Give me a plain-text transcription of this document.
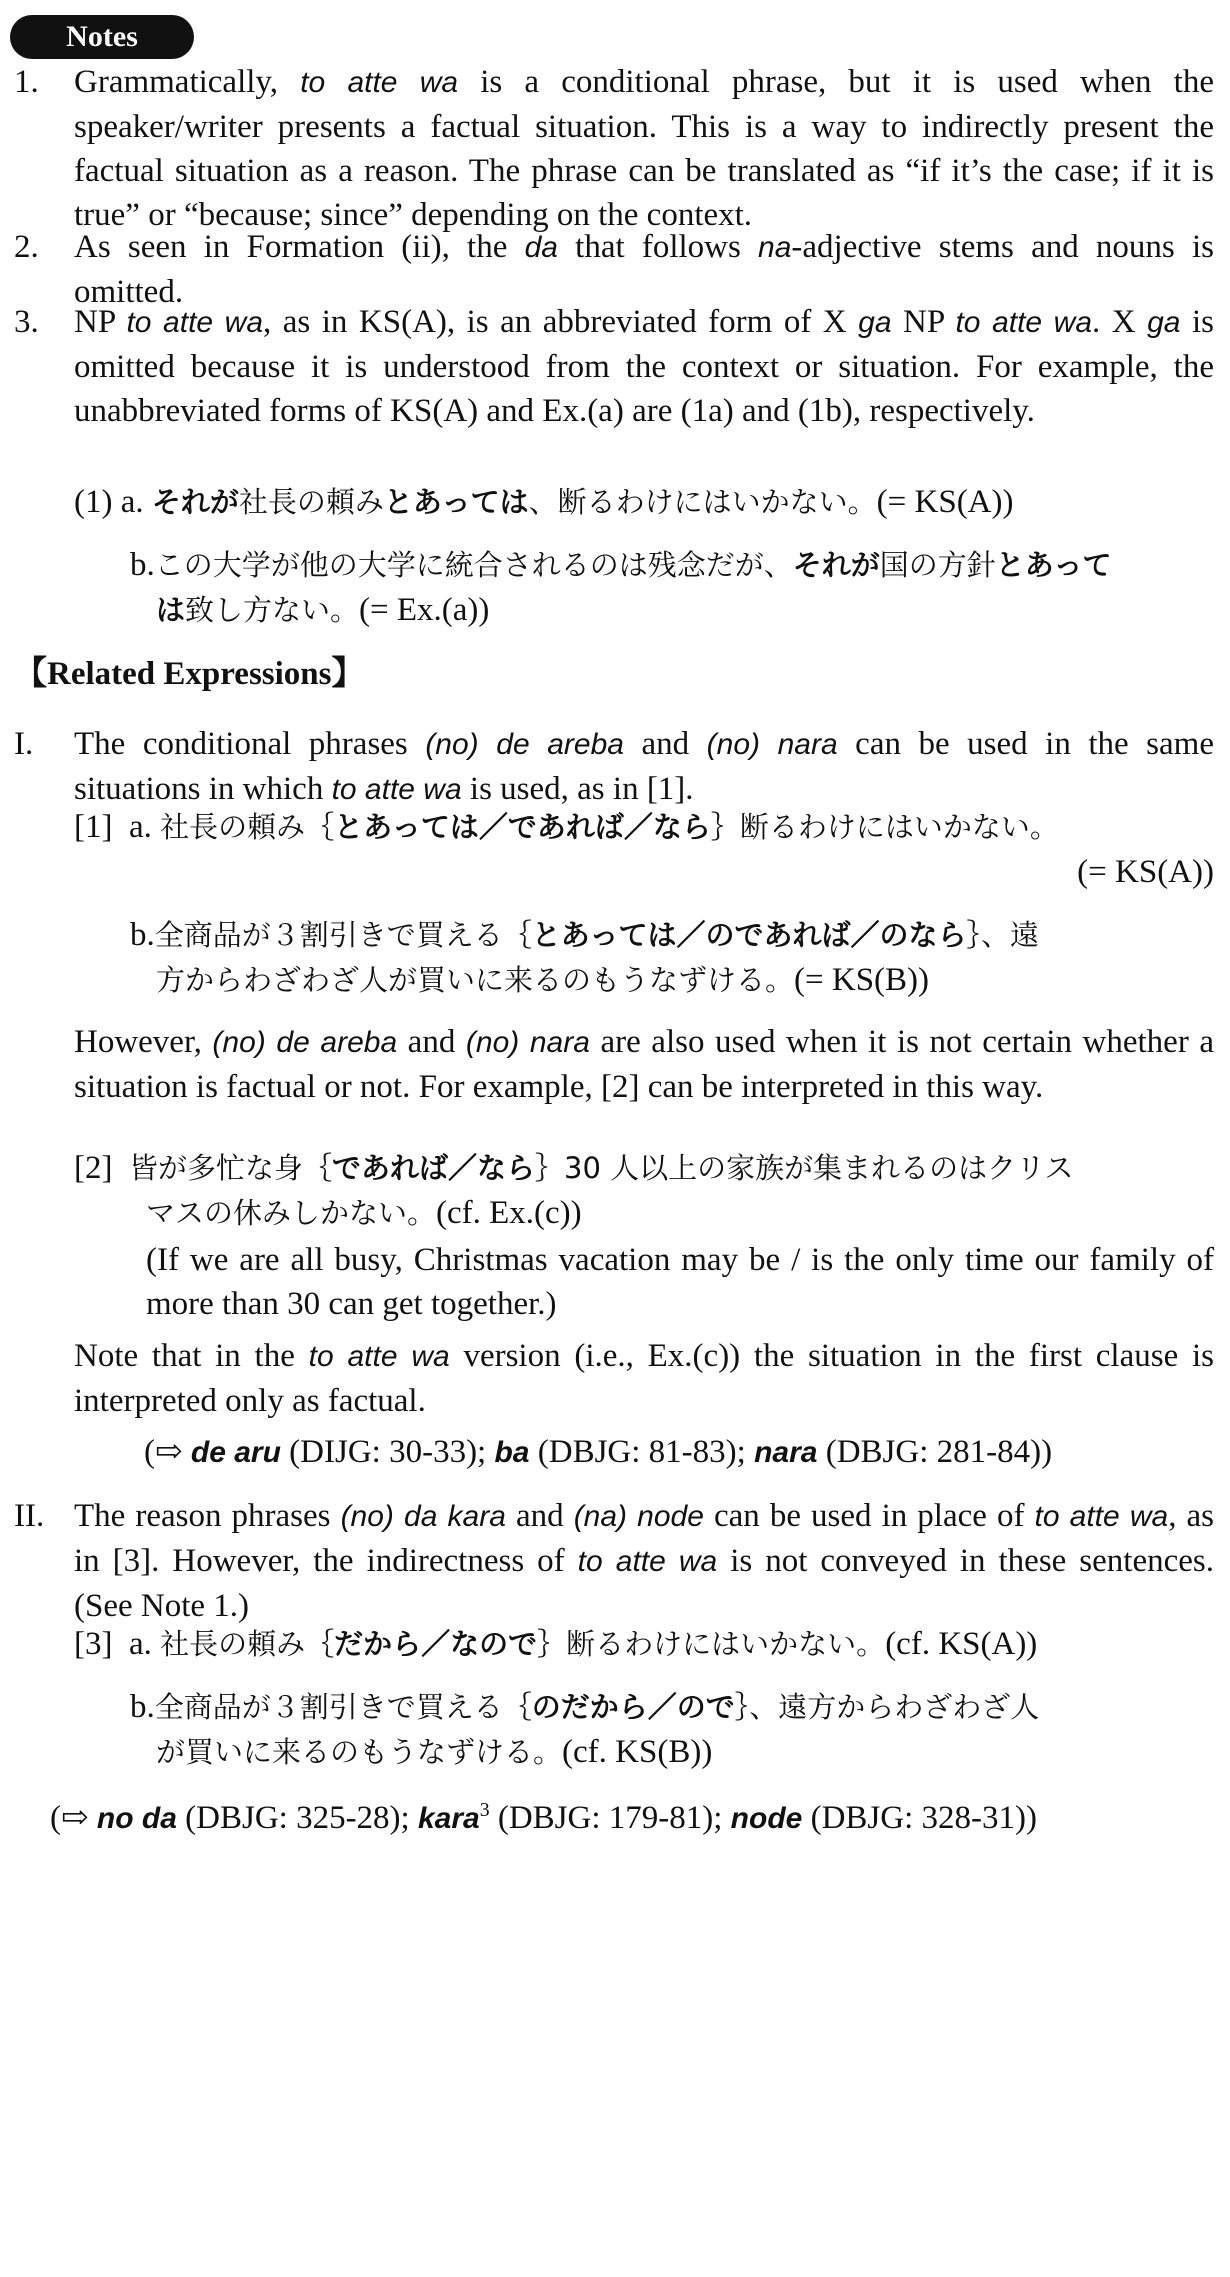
Notes
1.	Grammatically, to atte wa is a conditional phrase, but it is used when the speaker/writer presents a factual situation. This is a way to indirectly present the factual situation as a reason. The phrase can be translated as “if it’s the case; if it is true” or “because; since” depending on the context.
2.	As seen in Formation (ii), the da that follows na-adjective stems and nouns is omitted.
3.	NP to atte wa, as in KS(A), is an abbreviated form of X ga NP to atte wa. X ga is omitted because it is understood from the context or situation. For example, the unabbreviated forms of KS(A) and Ex.(a) are (1a) and (1b), respectively.
(1) a. それが社長の頼みとあっては、断るわけにはいかない。(= KS(A))
b.この大学が他の大学に統合されるのは残念だが、それが国の方針とあって
は致し方ない。(= Ex.(a))
【Related Expressions】
I.	The conditional phrases (no) de areba and (no) nara can be used in the same situations in which to atte wa is used, as in [1].
[1] a. 社長の頼み｛とあっては／であれば／なら｝断るわけにはいかない。
(= KS(A))
b.全商品が３割引きで買える｛とあっては／のであれば／のなら｝、遠
方からわざわざ人が買いに来るのもうなずける。(= KS(B))
However, (no) de areba and (no) nara are also used when it is not certain whether a situation is factual or not. For example, [2] can be interpreted in this way.
[2] 皆が多忙な身｛であれば／なら｝30 人以上の家族が集まれるのはクリス
マスの休みしかない。(cf. Ex.(c))
(If we are all busy, Christmas vacation may be / is the only time our family of more than 30 can get together.)
Note that in the to atte wa version (i.e., Ex.(c)) the situation in the first clause is interpreted only as factual.
(⇨ de aru (DIJG: 30-33); ba (DBJG: 81-83); nara (DBJG: 281-84))
II. The reason phrases (no) da kara and (na) node can be used in place of to atte wa, as in [3]. However, the indirectness of to atte wa is not conveyed in these sentences. (See Note 1.)
[3] a. 社長の頼み｛だから／なので｝断るわけにはいかない。(cf. KS(A))
b.全商品が３割引きで買える｛のだから／ので｝、遠方からわざわざ人
が買いに来るのもうなずける。(cf. KS(B))
(⇨ no da (DBJG: 325-28); kara$^3$ (DBJG: 179-81); node (DBJG: 328-31))
